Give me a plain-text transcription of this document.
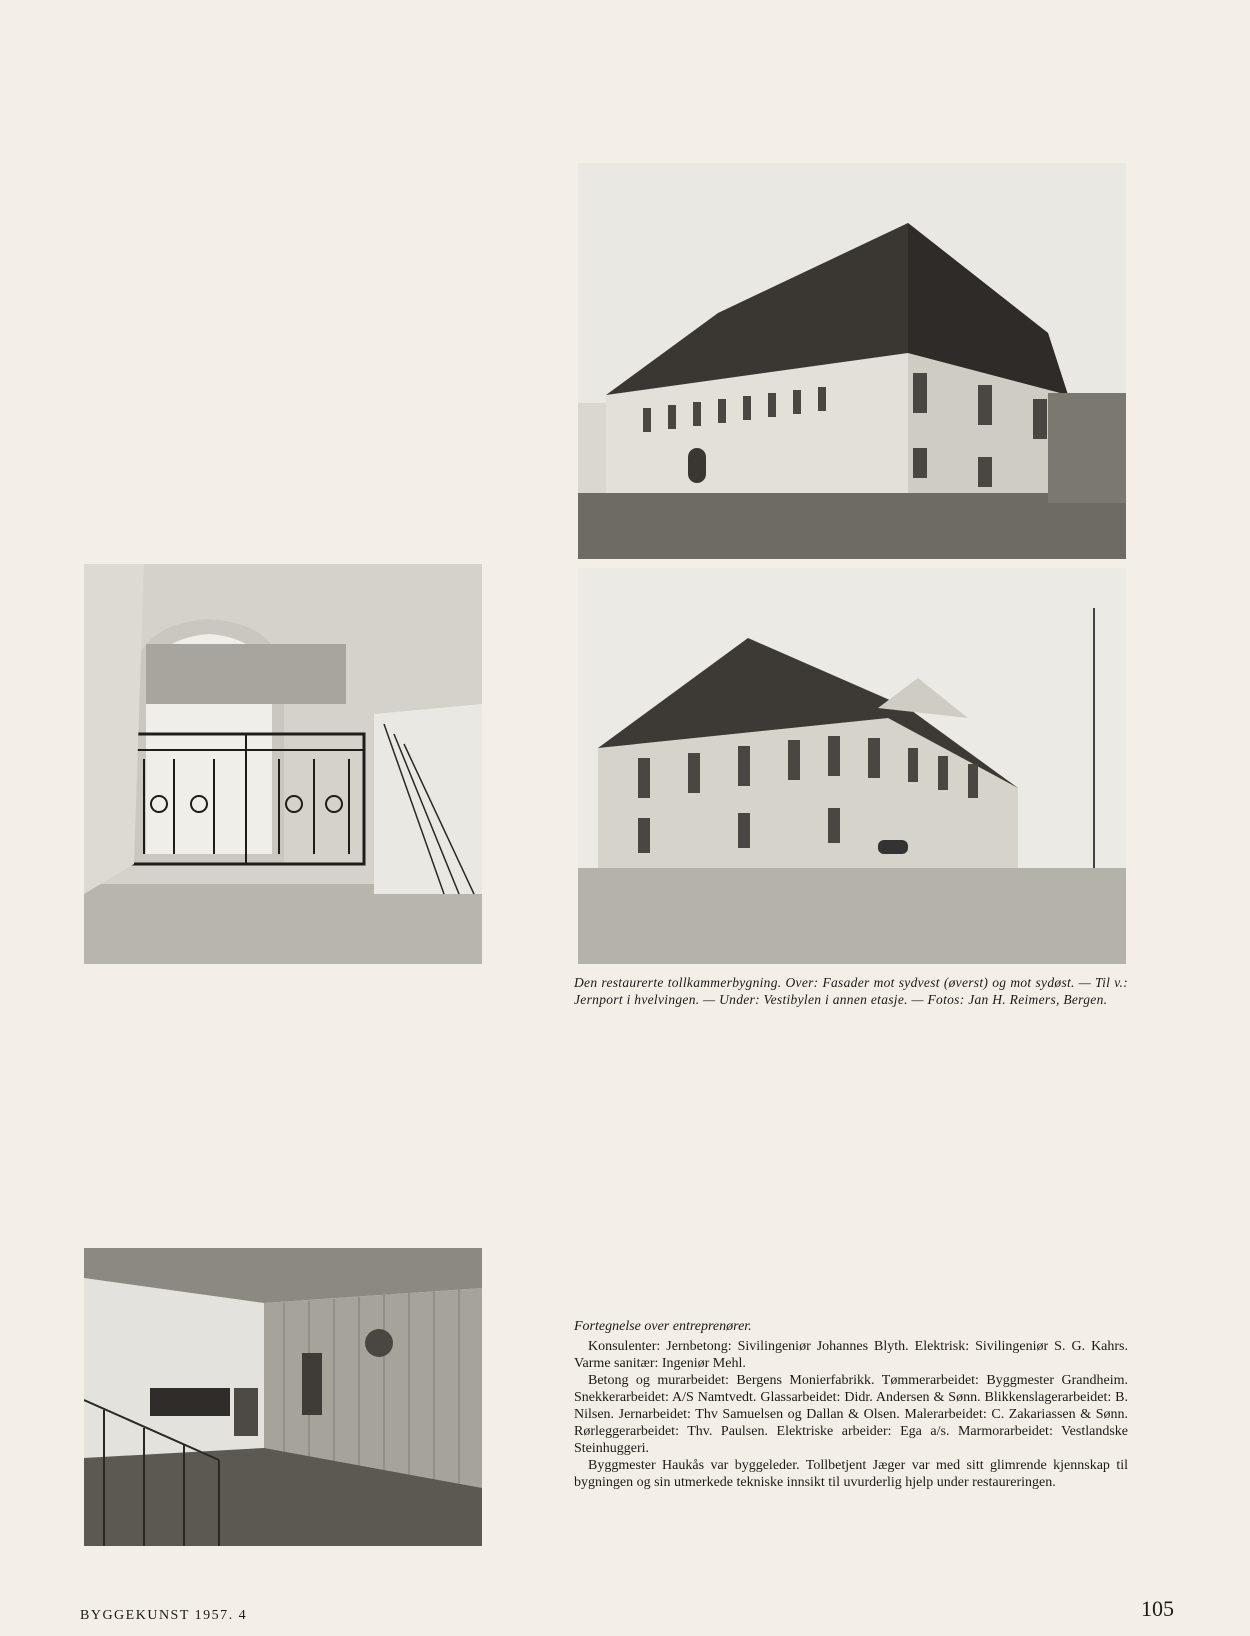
Den restaurerte tollkammerbygning. Over: Fasader mot sydvest (øverst) og mot sydøst. — Til v.: Jernport i hvelvingen. — Under: Vestibylen i annen etasje. — Fotos: Jan H. Reimers, Bergen.

Fortegnelse over entreprenører.

Konsulenter: Jernbetong: Sivilingeniør Johannes Blyth. Elektrisk: Sivilingeniør S. G. Kahrs. Varme sanitær: Ingeniør Mehl.

Betong og murarbeidet: Bergens Monierfabrikk. Tømmerarbeidet: Byggmester Grandheim. Snekkerarbeidet: A/S Namtvedt. Glassarbeidet: Didr. Andersen & Sønn. Blikkenslagerarbeidet: B. Nilsen. Jernarbeidet: Thv Samuelsen og Dallan & Olsen. Malerarbeidet: C. Zakariassen & Sønn. Rørleggerarbeidet: Thv. Paulsen. Elektriske arbeider: Ega a/s. Marmorarbeidet: Vestlandske Steinhuggeri.

Byggmester Haukås var byggeleder. Tollbetjent Jæger var med sitt glimrende kjennskap til bygningen og sin utmerkede tekniske innsikt til uvurderlig hjelp under restaureringen.

BYGGEKUNST 1957. 4	105
